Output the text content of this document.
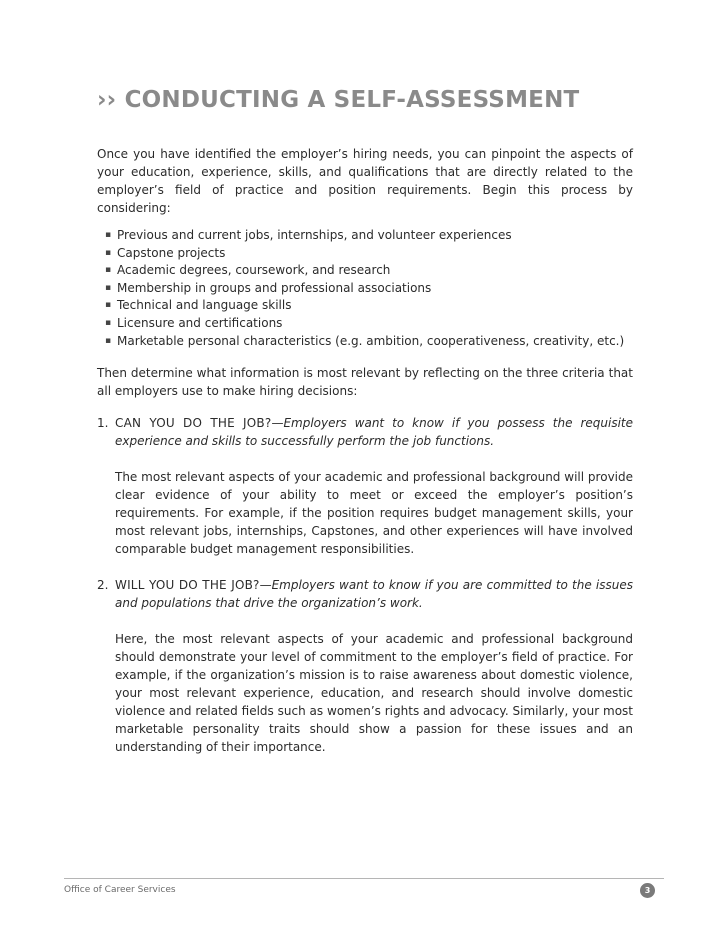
›› CONDUCTING A SELF-ASSESSMENT

Once you have identified the employer’s hiring needs, you can pinpoint the aspects of your education, experience, skills, and qualifications that are directly related to the employer’s field of practice and position requirements. Begin this process by considering:

▪ Previous and current jobs, internships, and volunteer experiences
▪ Capstone projects
▪ Academic degrees, coursework, and research
▪ Membership in groups and professional associations
▪ Technical and language skills
▪ Licensure and certifications
▪ Marketable personal characteristics (e.g. ambition, cooperativeness, creativity, etc.)

Then determine what information is most relevant by reflecting on the three criteria that all employers use to make hiring decisions:

1. CAN YOU DO THE JOB?—Employers want to know if you possess the requisite experience and skills to successfully perform the job functions.

The most relevant aspects of your academic and professional background will provide clear evidence of your ability to meet or exceed the employer’s position’s requirements. For example, if the position requires budget management skills, your most relevant jobs, internships, Capstones, and other experiences will have involved comparable budget management responsibilities.

2. WILL YOU DO THE JOB?—Employers want to know if you are committed to the issues and populations that drive the organization’s work.

Here, the most relevant aspects of your academic and professional background should demonstrate your level of commitment to the employer’s field of practice. For example, if the organization’s mission is to raise awareness about domestic violence, your most relevant experience, education, and research should involve domestic violence and related fields such as women’s rights and advocacy. Similarly, your most marketable personality traits should show a passion for these issues and an understanding of their importance.

Office of Career Services	3
